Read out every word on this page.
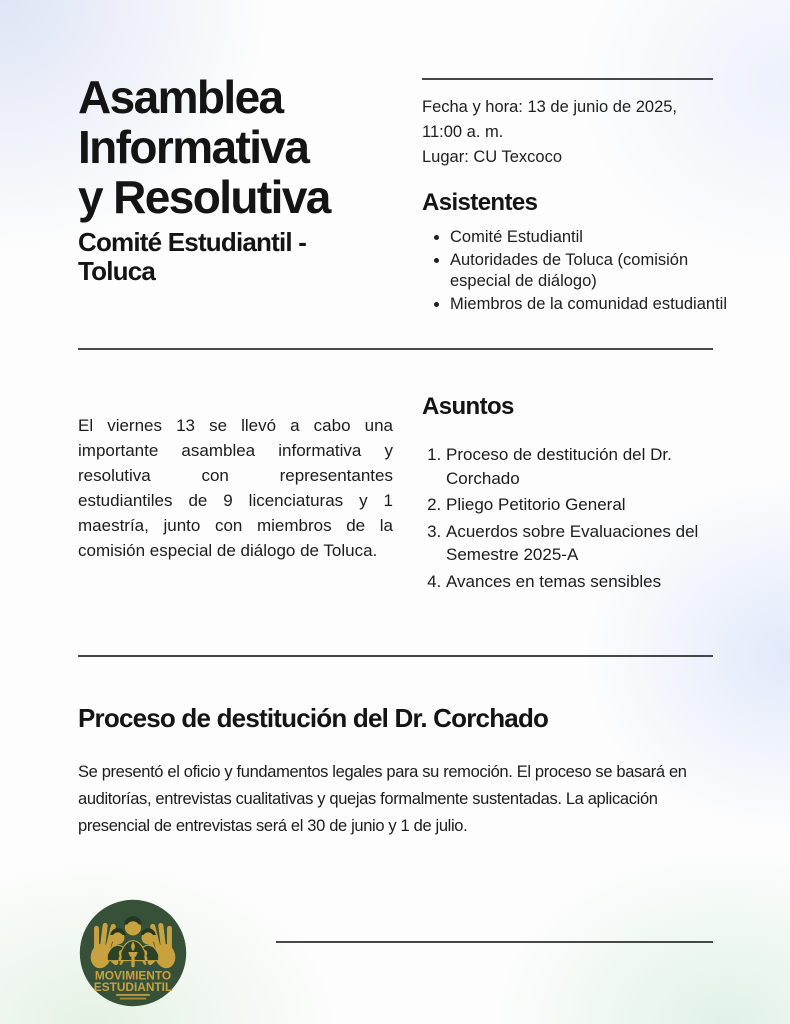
Asamblea
Informativa
y Resolutiva
Comité Estudiantil - Toluca

Fecha y hora: 13 de junio de 2025, 11:00 a. m.

Lugar: CU Texcoco

Asistentes
• Comité Estudiantil
• Autoridades de Toluca (comisión especial de diálogo)
• Miembros de la comunidad estudiantil

El viernes 13 se llevó a cabo una importante asamblea informativa y resolutiva con representantes estudiantiles de 9 licenciaturas y 1 maestría, junto con miembros de la comisión especial de diálogo de Toluca.

Asuntos
1. Proceso de destitución del Dr. Corchado
2. Pliego Petitorio General
3. Acuerdos sobre Evaluaciones del Semestre 2025-A
4. Avances en temas sensibles
Proceso de destitución del Dr. Corchado

Se presentó el oficio y fundamentos legales para su remoción. El proceso se basará en auditorías, entrevistas cualitativas y quejas formalmente sustentadas. La aplicación presencial de entrevistas será el 30 de junio y 1 de julio.

MOVIMIENTO
ESTUDIANTIL
